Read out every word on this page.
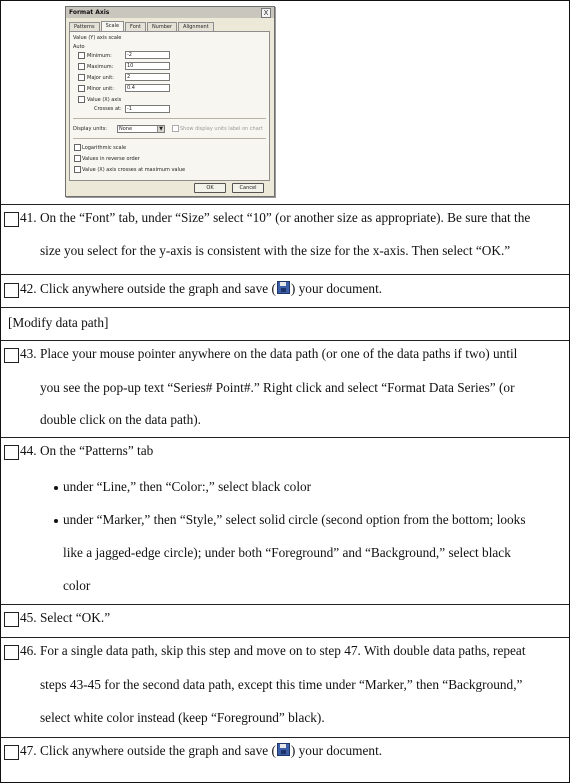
Format Axis	X
Patterns	Scale	Font	Number	Alignment
Value (Y) axis scale
Auto
Minimum:	-2
Maximum:	10
Major unit:	2
Minor unit:	0.4
Value (X) axis
Crosses at:	-1
Display units:	None	▼	Show display units label on chart
Logarithmic scale
Values in reverse order
Value (X) axis crosses at maximum value
OK	Cancel
41. On the “Font” tab, under “Size” select “10” (or another size as appropriate). Be sure that the
size you select for the y-axis is consistent with the size for the x-axis. Then select “OK.”
42. Click anywhere outside the graph and save ( ) your document.
[Modify data path]
43. Place your mouse pointer anywhere on the data path (or one of the data paths if two) until
you see the pop-up text “Series# Point#.” Right click and select “Format Data Series” (or
double click on the data path).
44. On the “Patterns” tab
under “Line,” then “Color:,” select black color
under “Marker,” then “Style,” select solid circle (second option from the bottom; looks
like a jagged-edge circle); under both “Foreground” and “Background,” select black
color
45. Select “OK.”
46. For a single data path, skip this step and move on to step 47. With double data paths, repeat
steps 43-45 for the second data path, except this time under “Marker,” then “Background,”
select white color instead (keep “Foreground” black).
47. Click anywhere outside the graph and save ( ) your document.
